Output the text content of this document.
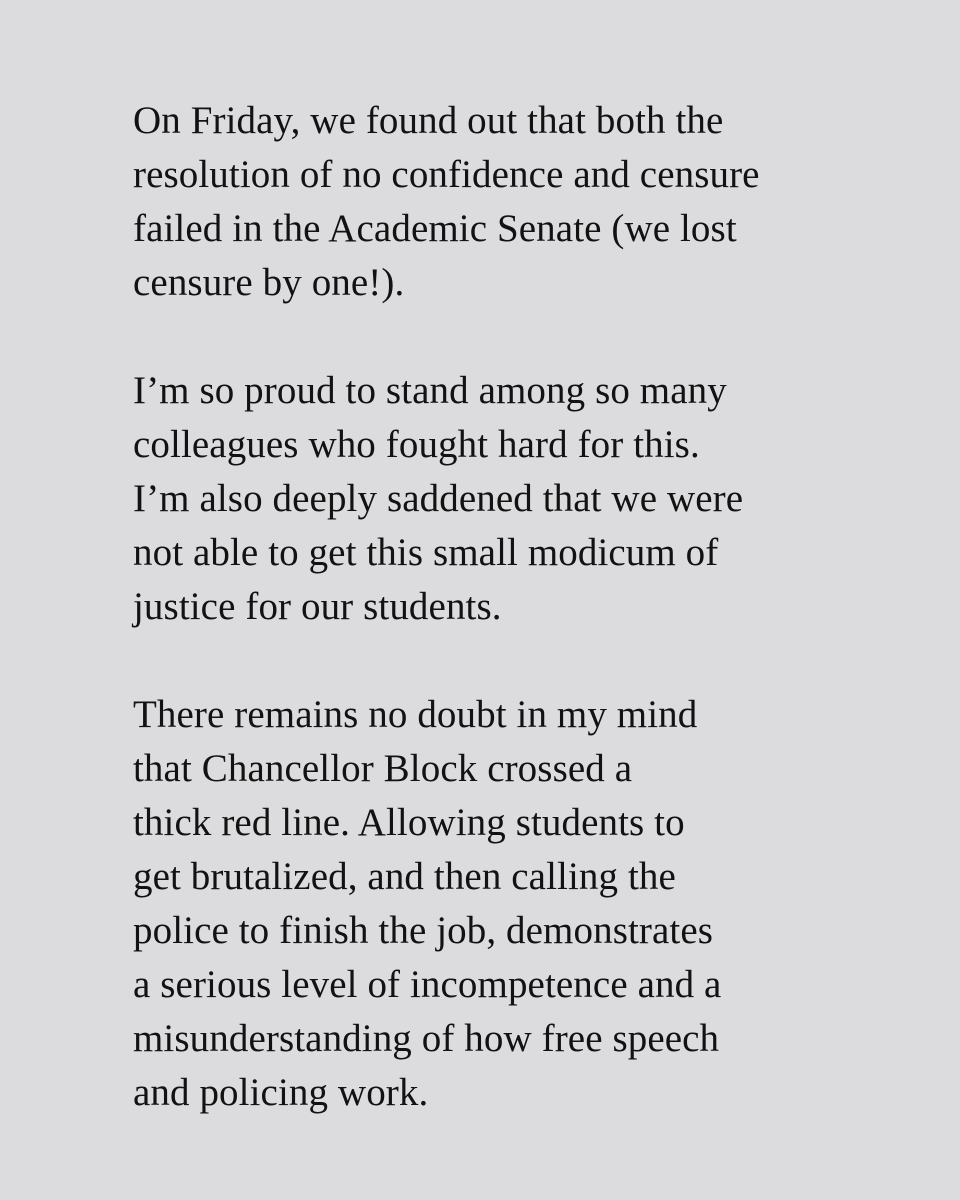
On Friday, we found out that both the
resolution of no confidence and censure
failed in the Academic Senate (we lost
censure by one!).

I’m so proud to stand among so many
colleagues who fought hard for this.
I’m also deeply saddened that we were
not able to get this small modicum of
justice for our students.

There remains no doubt in my mind
that Chancellor Block crossed a
thick red line. Allowing students to
get brutalized, and then calling the
police to finish the job, demonstrates
a serious level of incompetence and a
misunderstanding of how free speech
and policing work.
